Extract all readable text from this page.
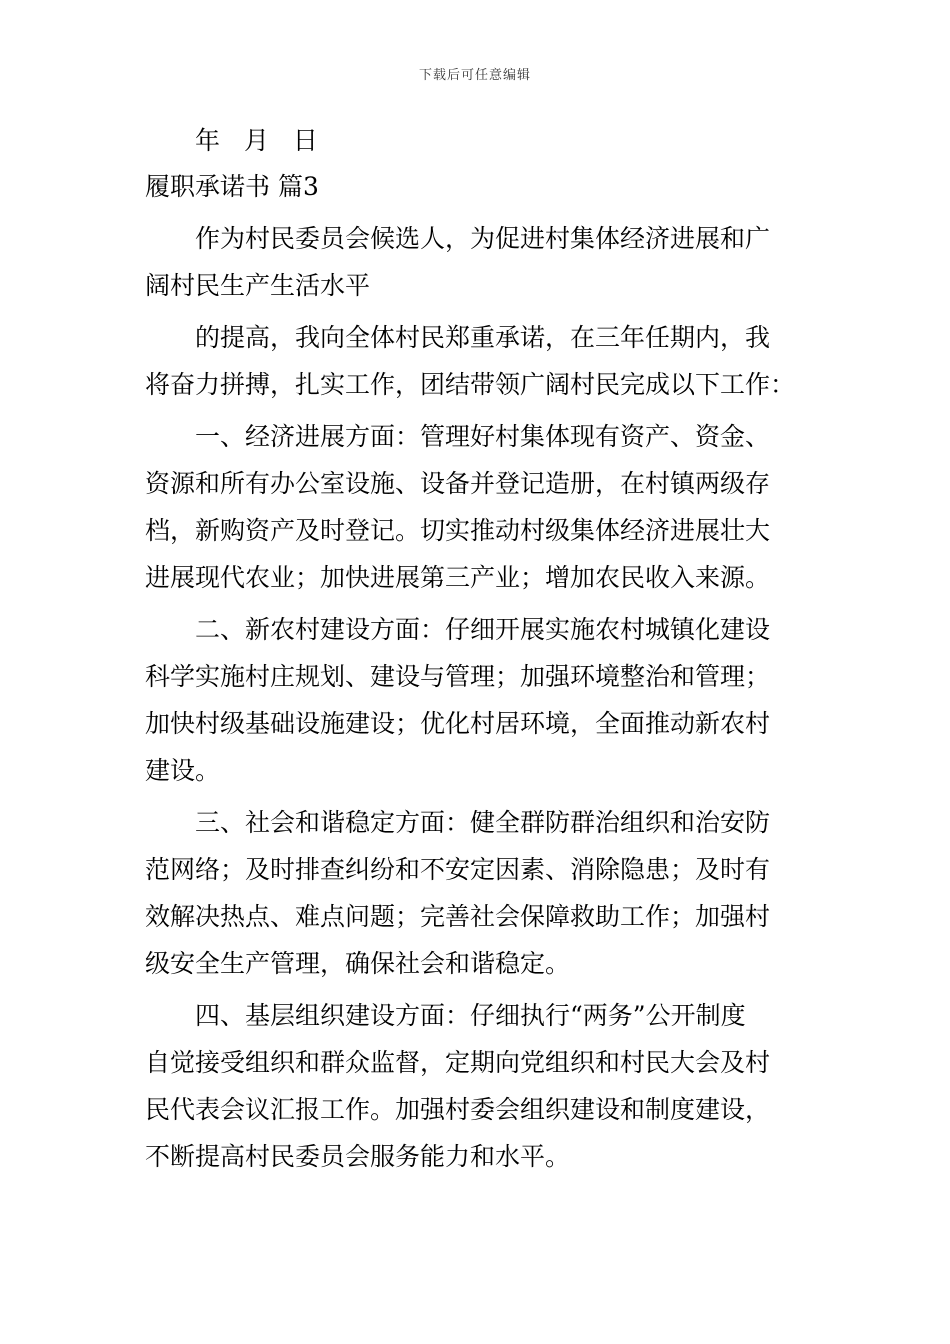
下载后可任意编辑
年 月 日
履职承诺书 篇3
作为村民委员会候选人，为促进村集体经济进展和广
阔村民生产生活水平
的提高，我向全体村民郑重承诺，在三年任期内，我
将奋力拼搏，扎实工作，团结带领广阔村民完成以下工作：
一、经济进展方面：管理好村集体现有资产、资金、
资源和所有办公室设施、设备并登记造册，在村镇两级存
档，新购资产及时登记。切实推动村级集体经济进展壮大
进展现代农业；加快进展第三产业；增加农民收入来源。
二、新农村建设方面：仔细开展实施农村城镇化建设
科学实施村庄规划、建设与管理；加强环境整治和管理；
加快村级基础设施建设；优化村居环境，全面推动新农村
建设。
三、社会和谐稳定方面：健全群防群治组织和治安防
范网络；及时排查纠纷和不安定因素、消除隐患；及时有
效解决热点、难点问题；完善社会保障救助工作；加强村
级安全生产管理，确保社会和谐稳定。
四、基层组织建设方面：仔细执行“两务”公开制度
自觉接受组织和群众监督，定期向党组织和村民大会及村
民代表会议汇报工作。加强村委会组织建设和制度建设，
不断提高村民委员会服务能力和水平。
